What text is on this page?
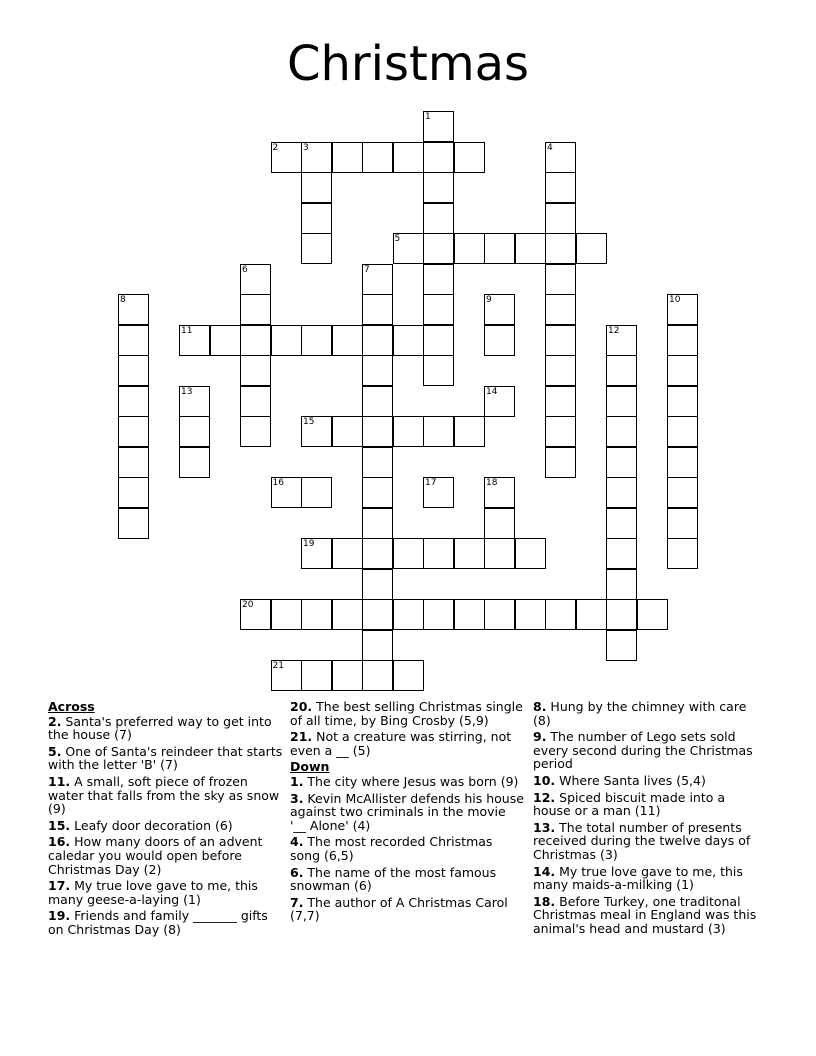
Christmas
1
2	3	4
5
6	7
8	9	10
11	12
13	14
15
16	17	18
19
20
21
Across
2. Santa's preferred way to get into the house (7)
5. One of Santa's reindeer that starts with the letter 'B' (7)
11. A small, soft piece of frozen water that falls from the sky as snow (9)
15. Leafy door decoration (6)
16. How many doors of an advent caledar you would open before Christmas Day (2)
17. My true love gave to me, this many geese-a-laying (1)
19. Friends and family _______ gifts on Christmas Day (8)
20. The best selling Christmas single of all time, by Bing Crosby (5,9)
21. Not a creature was stirring, not even a __ (5)
Down
1. The city where Jesus was born (9)
3. Kevin McAllister defends his house against two criminals in the movie '__ Alone' (4)
4. The most recorded Christmas song (6,5)
6. The name of the most famous snowman (6)
7. The author of A Christmas Carol (7,7)
8. Hung by the chimney with care (8)
9. The number of Lego sets sold every second during the Christmas period
10. Where Santa lives (5,4)
12. Spiced biscuit made into a house or a man (11)
13. The total number of presents received during the twelve days of Christmas (3)
14. My true love gave to me, this many maids-a-milking (1)
18. Before Turkey, one traditonal Christmas meal in England was this animal's head and mustard (3)
